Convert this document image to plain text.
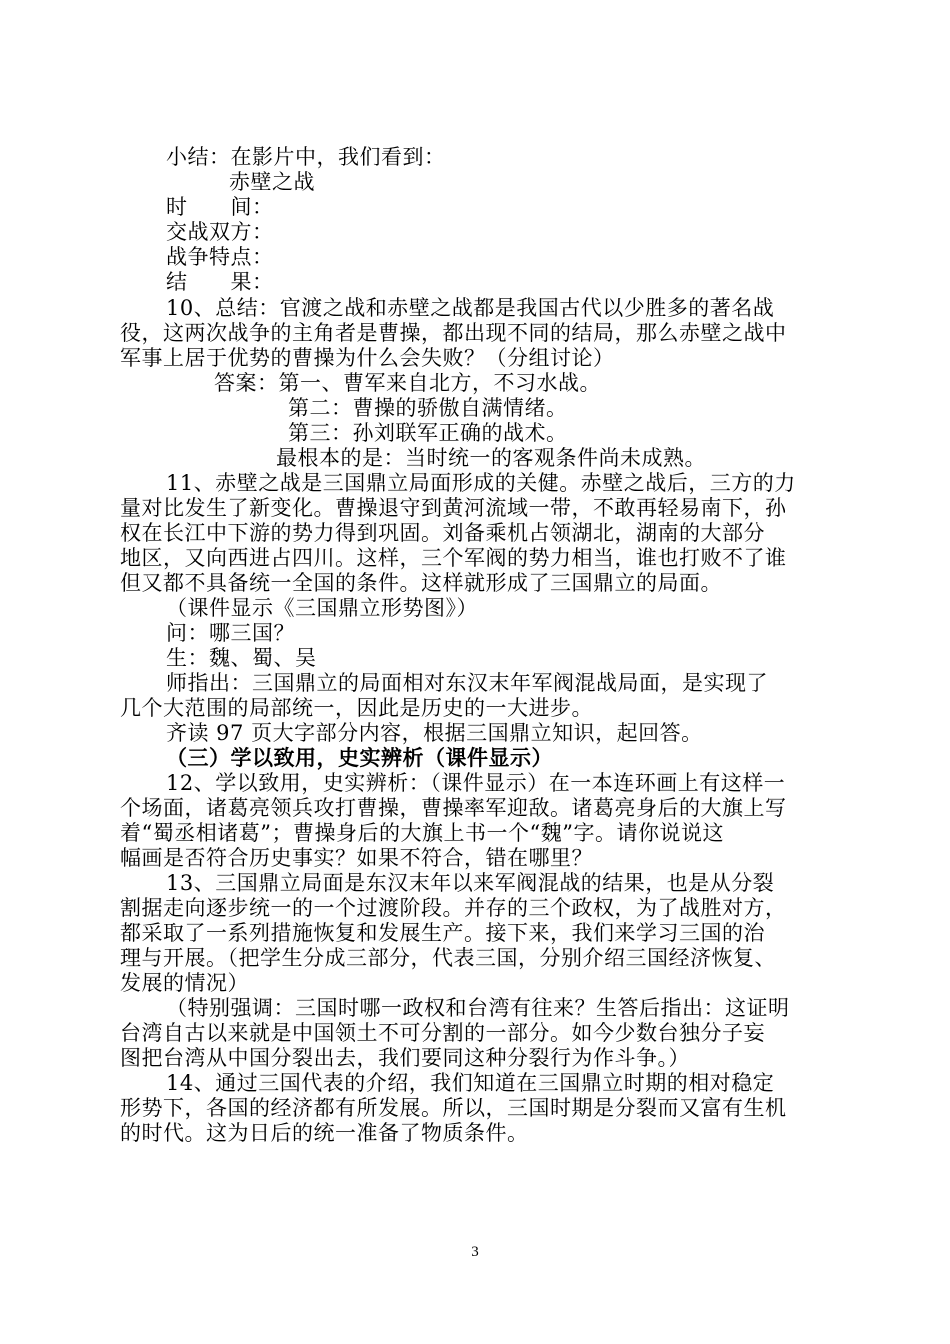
小结：在影片中，我们看到：
赤壁之战
时　　间：
交战双方：
战争特点：
结　　果：
10、总结：官渡之战和赤壁之战都是我国古代以少胜多的著名战
役，这两次战争的主角者是曹操，都出现不同的结局，那么赤壁之战中
军事上居于优势的曹操为什么会失败？（分组讨论）
答案：第一、曹军来自北方，不习水战。
第二：曹操的骄傲自满情绪。
第三：孙刘联军正确的战术。
最根本的是：当时统一的客观条件尚未成熟。
11、赤壁之战是三国鼎立局面形成的关健。赤壁之战后，三方的力
量对比发生了新变化。曹操退守到黄河流域一带，不敢再轻易南下，孙
权在长江中下游的势力得到巩固。刘备乘机占领湖北，湖南的大部分
地区，又向西进占四川。这样，三个军阀的势力相当，谁也打败不了谁
但又都不具备统一全国的条件。这样就形成了三国鼎立的局面。
（课件显示《三国鼎立形势图》）
问：哪三国？
生：魏、蜀、吴
师指出：三国鼎立的局面相对东汉末年军阀混战局面，是实现了
几个大范围的局部统一，因此是历史的一大进步。
齐读 97 页大字部分内容，根据三国鼎立知识，起回答。
（三）学以致用，史实辨析（课件显示）
12、学以致用，史实辨析：（课件显示）在一本连环画上有这样一
个场面，诸葛亮领兵攻打曹操，曹操率军迎敌。诸葛亮身后的大旗上写
着“蜀丞相诸葛”；曹操身后的大旗上书一个“魏”字。请你说说这
幅画是否符合历史事实？如果不符合，错在哪里？
13、三国鼎立局面是东汉末年以来军阀混战的结果，也是从分裂
割据走向逐步统一的一个过渡阶段。并存的三个政权，为了战胜对方，
都采取了一系列措施恢复和发展生产。接下来，我们来学习三国的治
理与开展。（把学生分成三部分，代表三国，分别介绍三国经济恢复、
发展的情况）
（特别强调：三国时哪一政权和台湾有往来？生答后指出：这证明
台湾自古以来就是中国领土不可分割的一部分。如今少数台独分子妄
图把台湾从中国分裂出去，我们要同这种分裂行为作斗争。）
14、通过三国代表的介绍，我们知道在三国鼎立时期的相对稳定
形势下，各国的经济都有所发展。所以，三国时期是分裂而又富有生机
的时代。这为日后的统一准备了物质条件。
3
